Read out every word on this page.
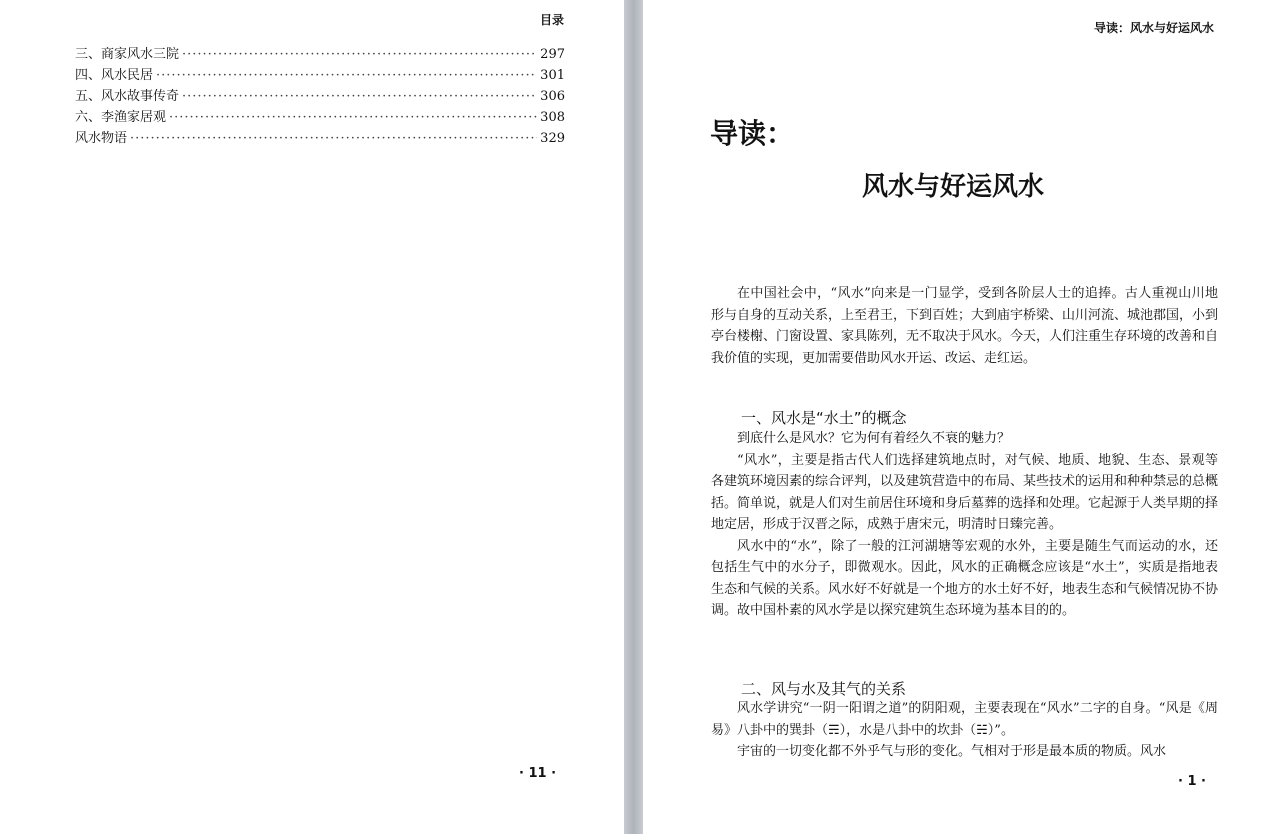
目录
三、商家风水三院 ·····	297
四、风水民居 ·····	301
五、风水故事传奇 ·····	306
六、李渔家居观 ·····	308
风水物语 ·····	329
· 11 ·
导读：风水与好运风水
导读：
风水与好运风水

在中国社会中，“风水”向来是一门显学，受到各阶层人士的追捧。古人重视山川地形与自身的互动关系，上至君王，下到百姓；大到庙宇桥梁、山川河流、城池郡国，小到亭台楼榭、门窗设置、家具陈列，无不取决于风水。今天，人们注重生存环境的改善和自我价值的实现，更加需要借助风水开运、改运、走红运。

一、风水是“水土”的概念

到底什么是风水？它为何有着经久不衰的魅力？

“风水”，主要是指古代人们选择建筑地点时，对气候、地质、地貌、生态、景观等各建筑环境因素的综合评判，以及建筑营造中的布局、某些技术的运用和种种禁忌的总概括。简单说，就是人们对生前居住环境和身后墓葬的选择和处理。它起源于人类早期的择地定居，形成于汉晋之际，成熟于唐宋元，明清时日臻完善。

风水中的“水”，除了一般的江河湖塘等宏观的水外，主要是随生气而运动的水，还包括生气中的水分子，即微观水。因此，风水的正确概念应该是“水土”，实质是指地表生态和气候的关系。风水好不好就是一个地方的水土好不好，地表生态和气候情况协不协调。故中国朴素的风水学是以探究建筑生态环境为基本目的的。

二、风与水及其气的关系

风水学讲究“一阴一阳谓之道”的阴阳观，主要表现在“风水”二字的自身。“风是《周易》八卦中的巽卦（☴），水是八卦中的坎卦（☵）”。

宇宙的一切变化都不外乎气与形的变化。气相对于形是最本质的物质。风水

· 1 ·
